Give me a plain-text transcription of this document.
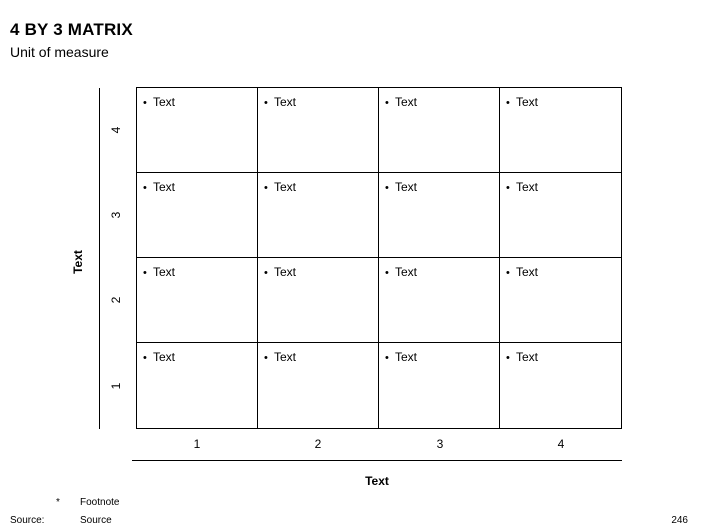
4 BY 3 MATRIX
Unit of measure
Text
1
2
3
4
• Text	• Text	• Text	• Text
• Text	• Text	• Text	• Text
• Text	• Text	• Text	• Text
• Text	• Text	• Text	• Text
1	2	3	4
Text
* Footnote
Source:	Source	246
